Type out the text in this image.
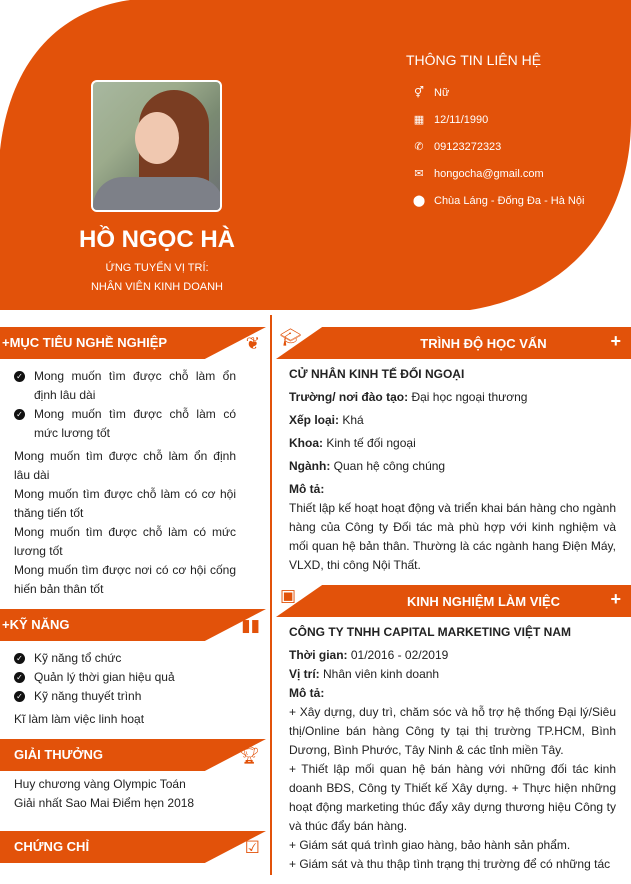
HỒ NGỌC HÀ
ỨNG TUYỂN VỊ TRÍ:
NHÂN VIÊN KINH DOANH
THÔNG TIN LIÊN HỆ
⚥ Nữ
▦ 12/11/1990
✆ 09123272323
✉ hongocha@gmail.com
⬤ Chùa Láng - Đống Đa - Hà Nội
+MỤC TIÊU NGHỀ NGHIỆP	❦
✓ Mong muốn tìm được chỗ làm ổn định lâu dài
✓ Mong muốn tìm được chỗ làm có mức lương tốt
Mong muốn tìm được chỗ làm ổn định lâu dài
Mong muốn tìm được chỗ làm có cơ hội thăng tiến tốt
Mong muốn tìm được chỗ làm có mức lương tốt
Mong muốn tìm được nơi có cơ hội cống hiến bản thân tốt
+KỸ NĂNG	▮▮
✓ Kỹ năng tổ chức
✓ Quản lý thời gian hiệu quả
✓ Kỹ năng thuyết trình
Kĩ làm làm việc linh hoạt
GIẢI THƯỞNG	🏆︎
Huy chương vàng Olympic Toán
Giải nhất Sao Mai Điểm hẹn 2018
CHỨNG CHỈ	☑
🎓︎	TRÌNH ĐỘ HỌC VẤN	+
CỬ NHÂN KINH TẾ ĐỐI NGOẠI
Trường/ nơi đào tạo: Đại học ngoại thương
Xếp loại: Khá
Khoa: Kinh tế đối ngoại
Ngành: Quan hệ công chúng
Mô tả:
Thiết lập kế hoạt hoạt động và triển khai bán hàng cho ngành hàng của Công ty Đối tác mà phù hợp với kinh nghiệm và mối quan hệ bản thân. Thường là các ngành hang Điện Máy, VLXD, thi công Nội Thất.
▣	KINH NGHIỆM LÀM VIỆC	+
CÔNG TY TNHH CAPITAL MARKETING VIỆT NAM
Thời gian: 01/2016 - 02/2019
Vị trí: Nhân viên kinh doanh
Mô tả:
+ Xây dựng, duy trì, chăm sóc và hỗ trợ hệ thống Đại lý/Siêu thị/Online bán hàng Công ty tại thị trường TP.HCM, Bình Dương, Bình Phước, Tây Ninh & các tỉnh miền Tây.
+ Thiết lập mối quan hệ bán hàng với những đối tác kinh doanh BĐS, Công ty Thiết kế Xây dựng. + Thực hiện những hoạt động marketing thúc đẩy xây dựng thương hiệu Công ty và thúc đẩy bán hàng.
+ Giám sát quá trình giao hàng, bảo hành sản phẩm.
+ Giám sát và thu thập tình trạng thị trường để có những tác
